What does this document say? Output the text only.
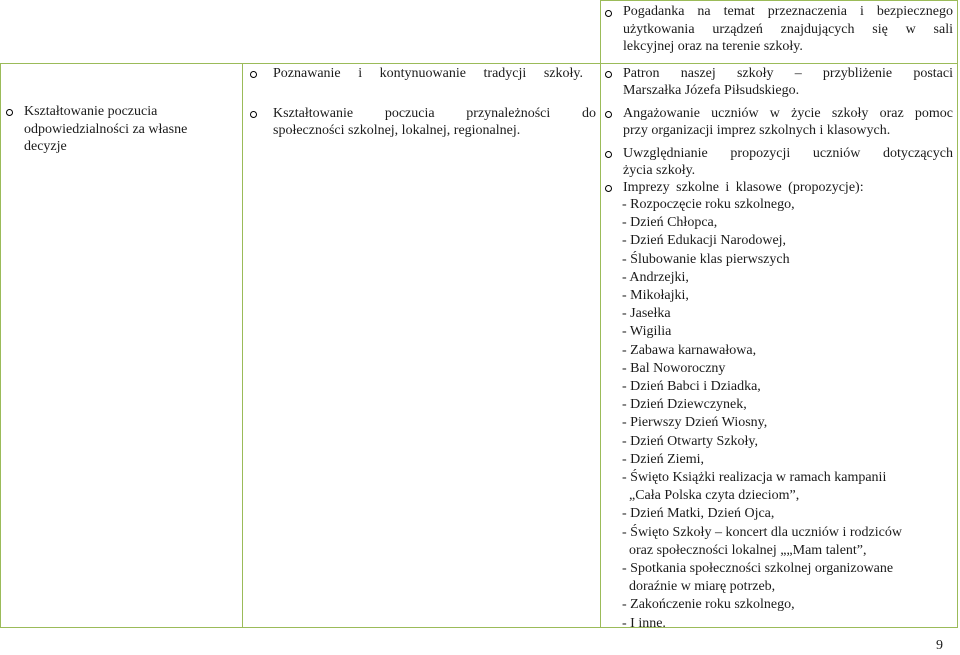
Kształtowanie poczucia
odpowiedzialności za własne
decyzje
Poznawanie i kontynuowanie tradycji szkoły.
Kształtowanie poczucia przynależności do
społeczności szkolnej, lokalnej, regionalnej.
Pogadanka na temat przeznaczenia i bezpiecznego
użytkowania urządzeń znajdujących się w sali
lekcyjnej oraz na terenie szkoły.
Patron naszej szkoły – przybliżenie postaci
Marszałka Józefa Piłsudskiego.
Angażowanie uczniów w życie szkoły oraz pomoc
przy organizacji imprez szkolnych i klasowych.
Uwzględnianie propozycji uczniów dotyczących
życia szkoły.
Imprezy szkolne i klasowe (propozycje):
- Rozpoczęcie roku szkolnego,
- Dzień Chłopca,
- Dzień Edukacji Narodowej,
- Ślubowanie klas pierwszych
- Andrzejki,
- Mikołajki,
- Jasełka
- Wigilia
- Zabawa karnawałowa,
- Bal Noworoczny
- Dzień Babci i Dziadka,
- Dzień Dziewczynek,
- Pierwszy Dzień Wiosny,
- Dzień Otwarty Szkoły,
- Dzień Ziemi,
- Święto Książki realizacja w ramach kampanii
„Cała Polska czyta dzieciom”,
- Dzień Matki, Dzień Ojca,
- Święto Szkoły – koncert dla uczniów i rodziców
oraz społeczności lokalnej „„Mam talent”,
- Spotkania społeczności szkolnej organizowane
doraźnie w miarę potrzeb,
- Zakończenie roku szkolnego,
- I inne.
9
